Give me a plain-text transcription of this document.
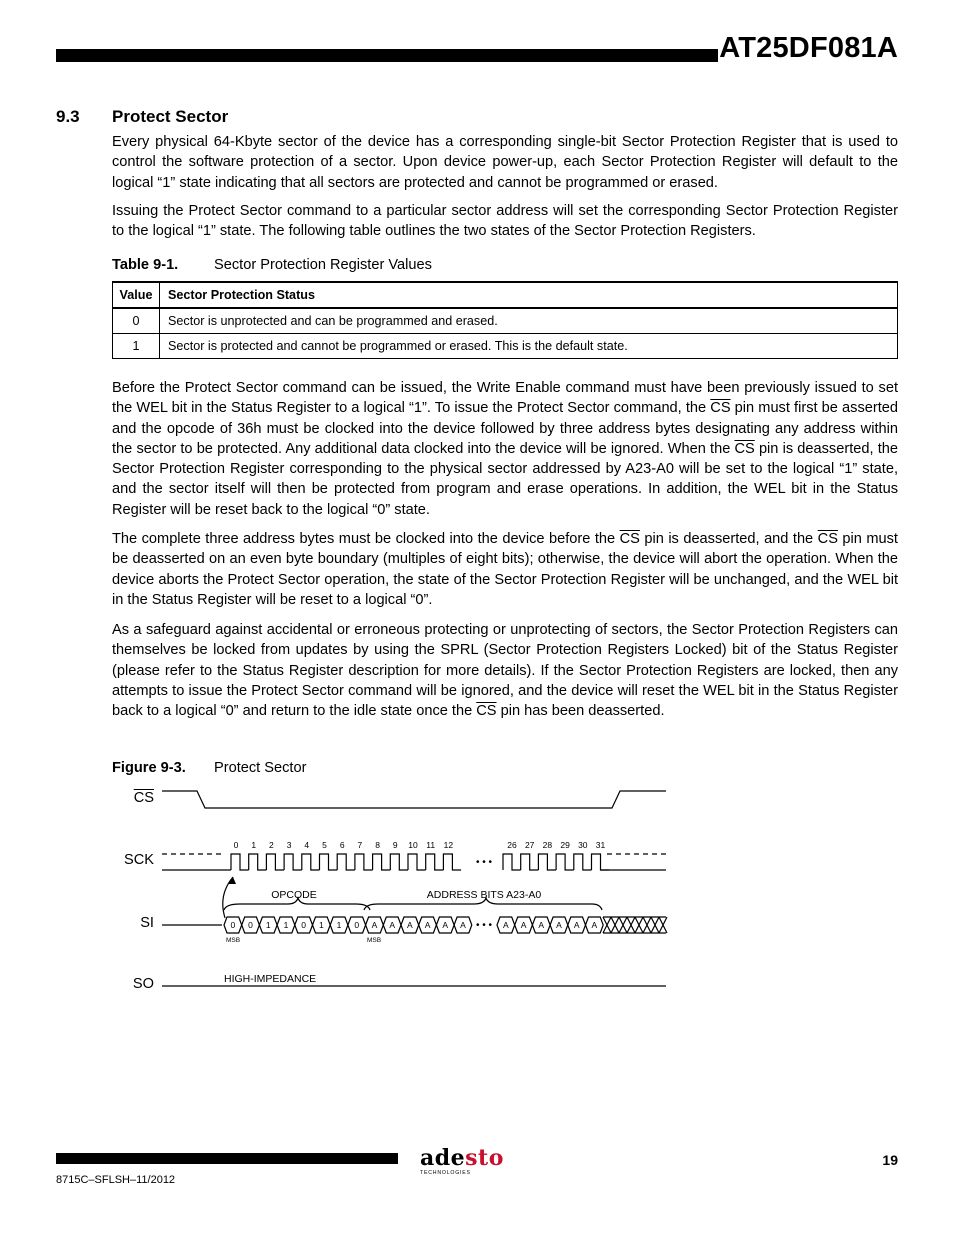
AT25DF081A
9.3 Protect Sector

Every physical 64-Kbyte sector of the device has a corresponding single-bit Sector Protection Register that is used to control the software protection of a sector. Upon device power-up, each Sector Protection Register will default to the logical “1” state indicating that all sectors are protected and cannot be programmed or erased.

Issuing the Protect Sector command to a particular sector address will set the corresponding Sector Protection Register to the logical “1” state. The following table outlines the two states of the Sector Protection Registers.

Table 9-1. Sector Protection Register Values
Value	Sector Protection Status
0	Sector is unprotected and can be programmed and erased.
1	Sector is protected and cannot be programmed or erased. This is the default state.

Before the Protect Sector command can be issued, the Write Enable command must have been previously issued to set the WEL bit in the Status Register to a logical “1”. To issue the Protect Sector command, the $\overline{CS}$ pin must first be asserted and the opcode of 36h must be clocked into the device followed by three address bytes designating any address within the sector to be protected. Any additional data clocked into the device will be ignored. When the $\overline{CS}$ pin is deasserted, the Sector Protection Register corresponding to the physical sector addressed by A23-A0 will be set to the logical “1” state, and the sector itself will then be protected from program and erase operations. In addition, the WEL bit in the Status Register will be reset back to the logical “0” state.

The complete three address bytes must be clocked into the device before the $\overline{CS}$ pin is deasserted, and the $\overline{CS}$ pin must be deasserted on an even byte boundary (multiples of eight bits); otherwise, the device will abort the operation. When the device aborts the Protect Sector operation, the state of the Sector Protection Register will be unchanged, and the WEL bit in the Status Register will be reset to a logical “0”.

As a safeguard against accidental or erroneous protecting or unprotecting of sectors, the Sector Protection Registers can themselves be locked from updates by using the SPRL (Sector Protection Registers Locked) bit of the Status Register (please refer to the Status Register description for more details). If the Sector Protection Registers are locked, then any attempts to issue the Protect Sector command will be ignored, and the device will reset the WEL bit in the Status Register back to a logical “0” and return to the idle state once the $\overline{CS}$ pin has been deasserted.

Figure 9-3. Protect Sector
$\overline{CS}$
SCK
SI
SO
0 1 2 3 4 5 6 7 8 9 10 11 12	26 27 28 29 30 31
0 0 1 1 0 1 1 0 A A A A A A	A A A A A A
OPCODE	ADDRESS BITS A23-A0
MSB	MSB
HIGH-IMPEDANCE
• • •
• • •
adesto
TECHNOLOGIES
8715C–SFLSH–11/2012
19
